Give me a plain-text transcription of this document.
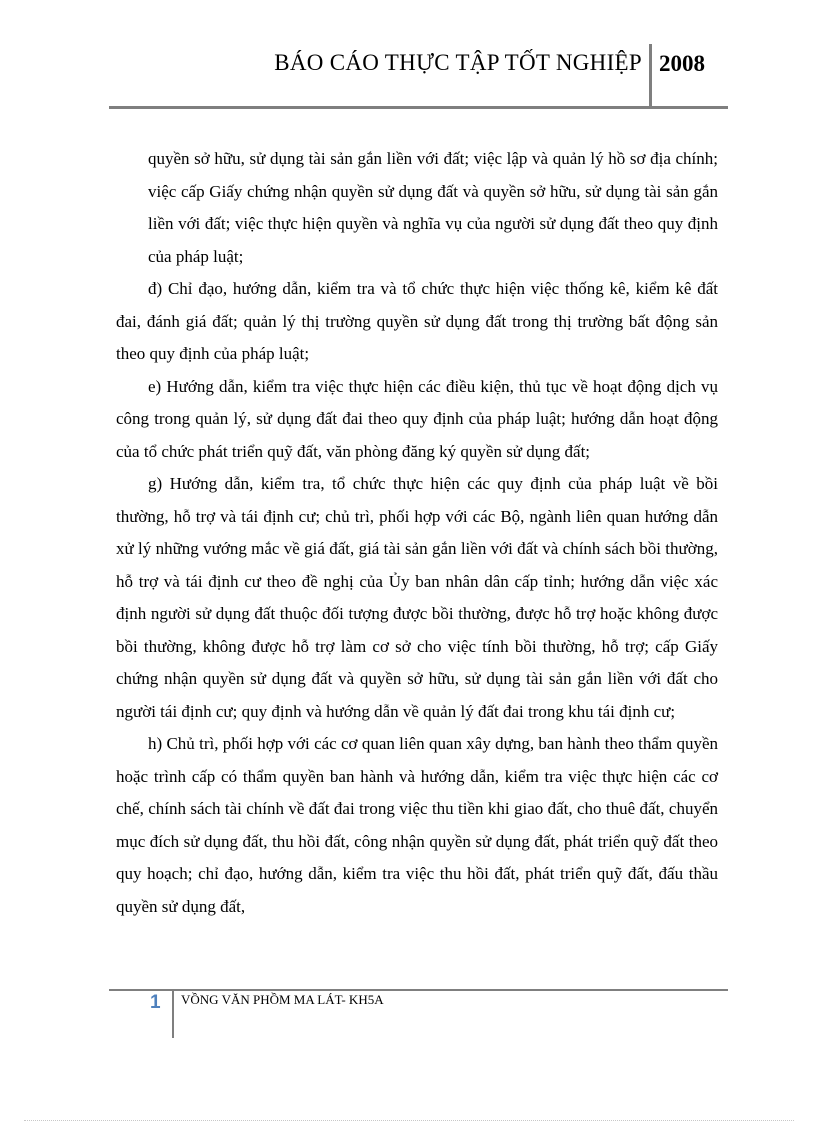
BÁO CÁO THỰC TẬP TỐT NGHIỆP 2008

quyền sở hữu, sử dụng tài sản gắn liền với đất; việc lập và quản lý hồ sơ địa chính; việc cấp Giấy chứng nhận quyền sử dụng đất và quyền sở hữu, sử dụng tài sản gắn liền với đất; việc thực hiện quyền và nghĩa vụ của người sử dụng đất theo quy định của pháp luật;

đ) Chỉ đạo, hướng dẫn, kiểm tra và tổ chức thực hiện việc thống kê, kiểm kê đất đai, đánh giá đất; quản lý thị trường quyền sử dụng đất trong thị trường bất động sản theo quy định của pháp luật;

e) Hướng dẫn, kiểm tra việc thực hiện các điều kiện, thủ tục về hoạt động dịch vụ công trong quản lý, sử dụng đất đai theo quy định của pháp luật; hướng dẫn hoạt động của tổ chức phát triển quỹ đất, văn phòng đăng ký quyền sử dụng đất;

g) Hướng dẫn, kiểm tra, tổ chức thực hiện các quy định của pháp luật về bồi thường, hỗ trợ và tái định cư; chủ trì, phối hợp với các Bộ, ngành liên quan hướng dẫn xử lý những vướng mắc về giá đất, giá tài sản gắn liền với đất và chính sách bồi thường, hỗ trợ và tái định cư theo đề nghị của Ủy ban nhân dân cấp tỉnh; hướng dẫn việc xác định người sử dụng đất thuộc đối tượng được bồi thường, được hỗ trợ hoặc không được bồi thường, không được hỗ trợ làm cơ sở cho việc tính bồi thường, hỗ trợ; cấp Giấy chứng nhận quyền sử dụng đất và quyền sở hữu, sử dụng tài sản gắn liền với đất cho người tái định cư; quy định và hướng dẫn về quản lý đất đai trong khu tái định cư;

h) Chủ trì, phối hợp với các cơ quan liên quan xây dựng, ban hành theo thẩm quyền hoặc trình cấp có thẩm quyền ban hành và hướng dẫn, kiểm tra việc thực hiện các cơ chế, chính sách tài chính về đất đai trong việc thu tiền khi giao đất, cho thuê đất, chuyển mục đích sử dụng đất, thu hồi đất, công nhận quyền sử dụng đất, phát triển quỹ đất theo quy hoạch; chỉ đạo, hướng dẫn, kiểm tra việc thu hồi đất, phát triển quỹ đất, đấu thầu quyền sử dụng đất,

1 VỒNG VĂN PHỒM MA LÁT- KH5A
